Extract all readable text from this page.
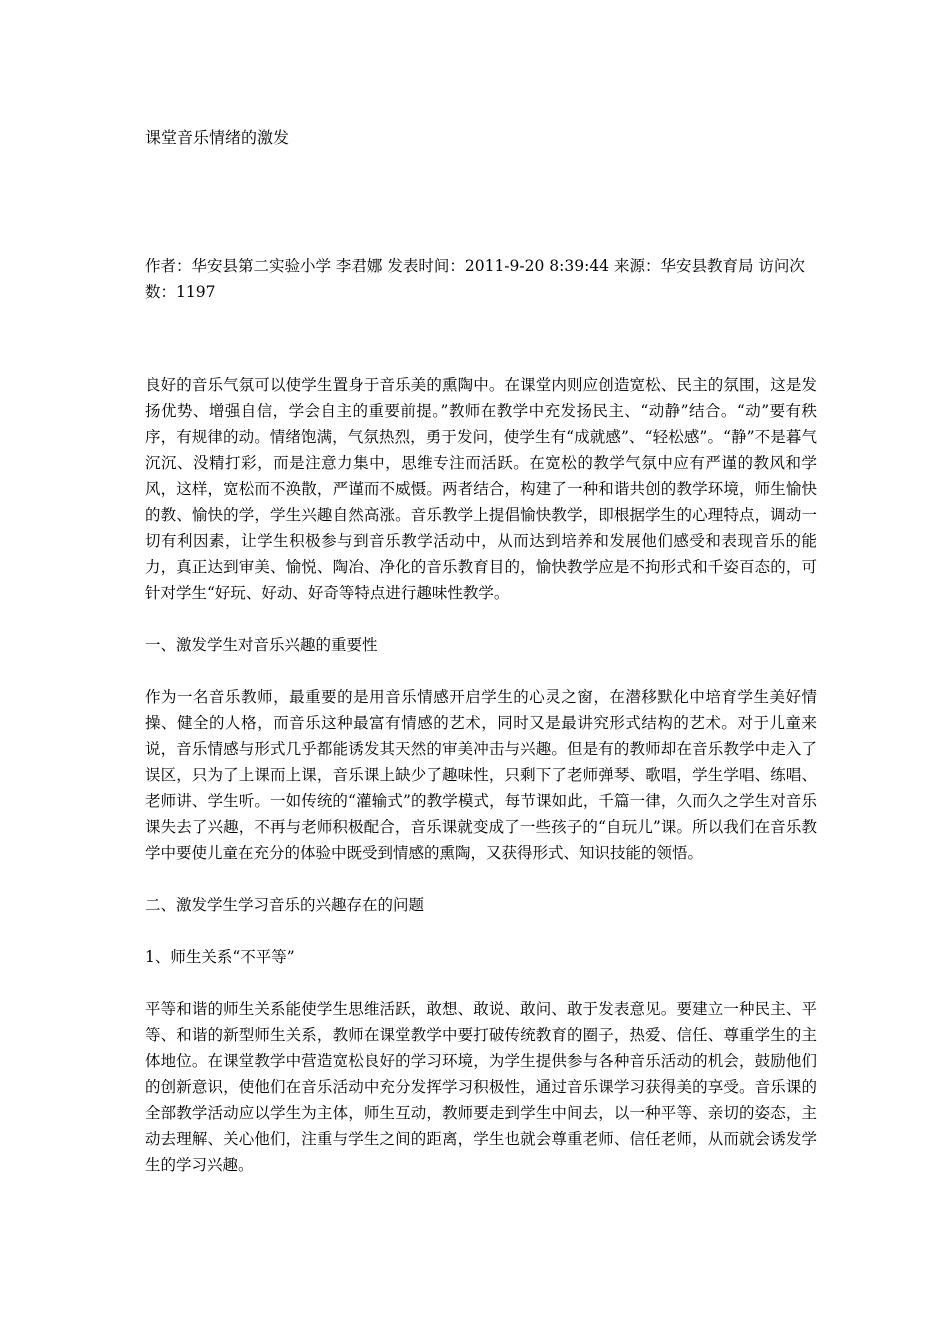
课堂音乐情绪的激发

作者：华安县第二实验小学 李君娜 发表时间：2011-9-20 8:39:44 来源：华安县教育局 访问次数：1197

良好的音乐气氛可以使学生置身于音乐美的熏陶中。在课堂内则应创造宽松、民主的氛围，这是发扬优势、增强自信，学会自主的重要前提。”教师在教学中充发扬民主、“动静”结合。“动”要有秩序，有规律的动。情绪饱满，气氛热烈，勇于发问，使学生有“成就感”、“轻松感”。“静”不是暮气沉沉、没精打彩，而是注意力集中，思维专注而活跃。在宽松的教学气氛中应有严谨的教风和学风，这样，宽松而不涣散，严谨而不威慑。两者结合，构建了一种和谐共创的教学环境，师生愉快的教、愉快的学，学生兴趣自然高涨。音乐教学上提倡愉快教学，即根据学生的心理特点，调动一切有利因素，让学生积极参与到音乐教学活动中，从而达到培养和发展他们感受和表现音乐的能力，真正达到审美、愉悦、陶冶、净化的音乐教育目的，愉快教学应是不拘形式和千姿百态的，可针对学生“好玩、好动、好奇等特点进行趣味性教学。

一、激发学生对音乐兴趣的重要性

作为一名音乐教师，最重要的是用音乐情感开启学生的心灵之窗，在潜移默化中培育学生美好情操、健全的人格，而音乐这种最富有情感的艺术，同时又是最讲究形式结构的艺术。对于儿童来说，音乐情感与形式几乎都能诱发其天然的审美冲击与兴趣。但是有的教师却在音乐教学中走入了误区，只为了上课而上课，音乐课上缺少了趣味性，只剩下了老师弹琴、歌唱，学生学唱、练唱、老师讲、学生听。一如传统的“灌输式”的教学模式，每节课如此，千篇一律，久而久之学生对音乐课失去了兴趣，不再与老师积极配合，音乐课就变成了一些孩子的“自玩儿”课。所以我们在音乐教学中要使儿童在充分的体验中既受到情感的熏陶，又获得形式、知识技能的领悟。

二、激发学生学习音乐的兴趣存在的问题

1、师生关系“不平等”

平等和谐的师生关系能使学生思维活跃，敢想、敢说、敢问、敢于发表意见。要建立一种民主、平等、和谐的新型师生关系，教师在课堂教学中要打破传统教育的圈子，热爱、信任、尊重学生的主体地位。在课堂教学中营造宽松良好的学习环境，为学生提供参与各种音乐活动的机会，鼓励他们的创新意识，使他们在音乐活动中充分发挥学习积极性，通过音乐课学习获得美的享受。音乐课的全部教学活动应以学生为主体，师生互动，教师要走到学生中间去，以一种平等、亲切的姿态，主动去理解、关心他们，注重与学生之间的距离，学生也就会尊重老师、信任老师，从而就会诱发学生的学习兴趣。
